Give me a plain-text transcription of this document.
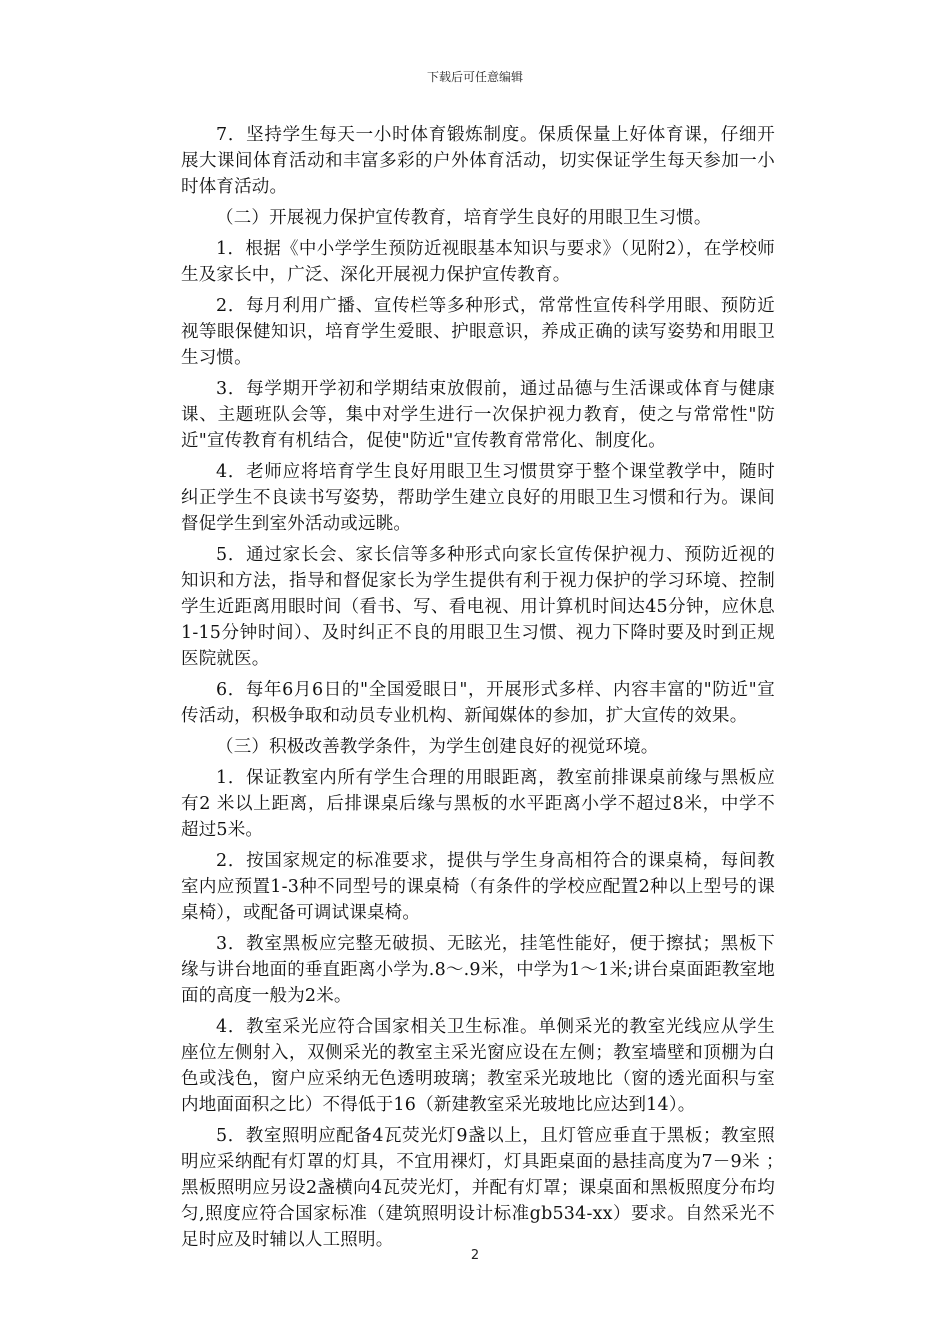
下载后可任意编辑

7．坚持学生每天一小时体育锻炼制度。保质保量上好体育课，仔细开展大课间体育活动和丰富多彩的户外体育活动，切实保证学生每天参加一小时体育活动。

（二）开展视力保护宣传教育，培育学生良好的用眼卫生习惯。

1．根据《中小学学生预防近视眼基本知识与要求》（见附2），在学校师生及家长中，广泛、深化开展视力保护宣传教育。

2．每月利用广播、宣传栏等多种形式，常常性宣传科学用眼、预防近视等眼保健知识，培育学生爱眼、护眼意识，养成正确的读写姿势和用眼卫生习惯。

3．每学期开学初和学期结束放假前，通过品德与生活课或体育与健康课、主题班队会等，集中对学生进行一次保护视力教育，使之与常常性"防近"宣传教育有机结合，促使"防近"宣传教育常常化、制度化。

4．老师应将培育学生良好用眼卫生习惯贯穿于整个课堂教学中，随时纠正学生不良读书写姿势，帮助学生建立良好的用眼卫生习惯和行为。课间督促学生到室外活动或远眺。

5．通过家长会、家长信等多种形式向家长宣传保护视力、预防近视的知识和方法，指导和督促家长为学生提供有利于视力保护的学习环境、控制学生近距离用眼时间（看书、写、看电视、用计算机时间达45分钟，应休息1-15分钟时间）、及时纠正不良的用眼卫生习惯、视力下降时要及时到正规医院就医。

6．每年6月6日的"全国爱眼日"，开展形式多样、内容丰富的"防近"宣传活动，积极争取和动员专业机构、新闻媒体的参加，扩大宣传的效果。

（三）积极改善教学条件，为学生创建良好的视觉环境。

1．保证教室内所有学生合理的用眼距离，教室前排课桌前缘与黑板应有2 米以上距离，后排课桌后缘与黑板的水平距离小学不超过8米，中学不超过5米。

2．按国家规定的标准要求，提供与学生身高相符合的课桌椅，每间教室内应预置1-3种不同型号的课桌椅（有条件的学校应配置2种以上型号的课桌椅），或配备可调试课桌椅。

3．教室黑板应完整无破损、无眩光，挂笔性能好，便于擦拭；黑板下缘与讲台地面的垂直距离小学为.8～.9米，中学为1～1米;讲台桌面距教室地面的高度一般为2米。

4．教室采光应符合国家相关卫生标准。单侧采光的教室光线应从学生座位左侧射入，双侧采光的教室主采光窗应设在左侧；教室墙壁和顶棚为白色或浅色，窗户应采纳无色透明玻璃；教室采光玻地比（窗的透光面积与室内地面面积之比）不得低于16（新建教室采光玻地比应达到14）。

5．教室照明应配备4瓦荧光灯9盏以上，且灯管应垂直于黑板；教室照明应采纳配有灯罩的灯具，不宜用裸灯，灯具距桌面的悬挂高度为7－9米 ；　黑板照明应另设2盏横向4瓦荧光灯，并配有灯罩；课桌面和黑板照度分布均匀,照度应符合国家标准（建筑照明设计标准gb534-xx）要求。自然采光不足时应及时辅以人工照明。

2
